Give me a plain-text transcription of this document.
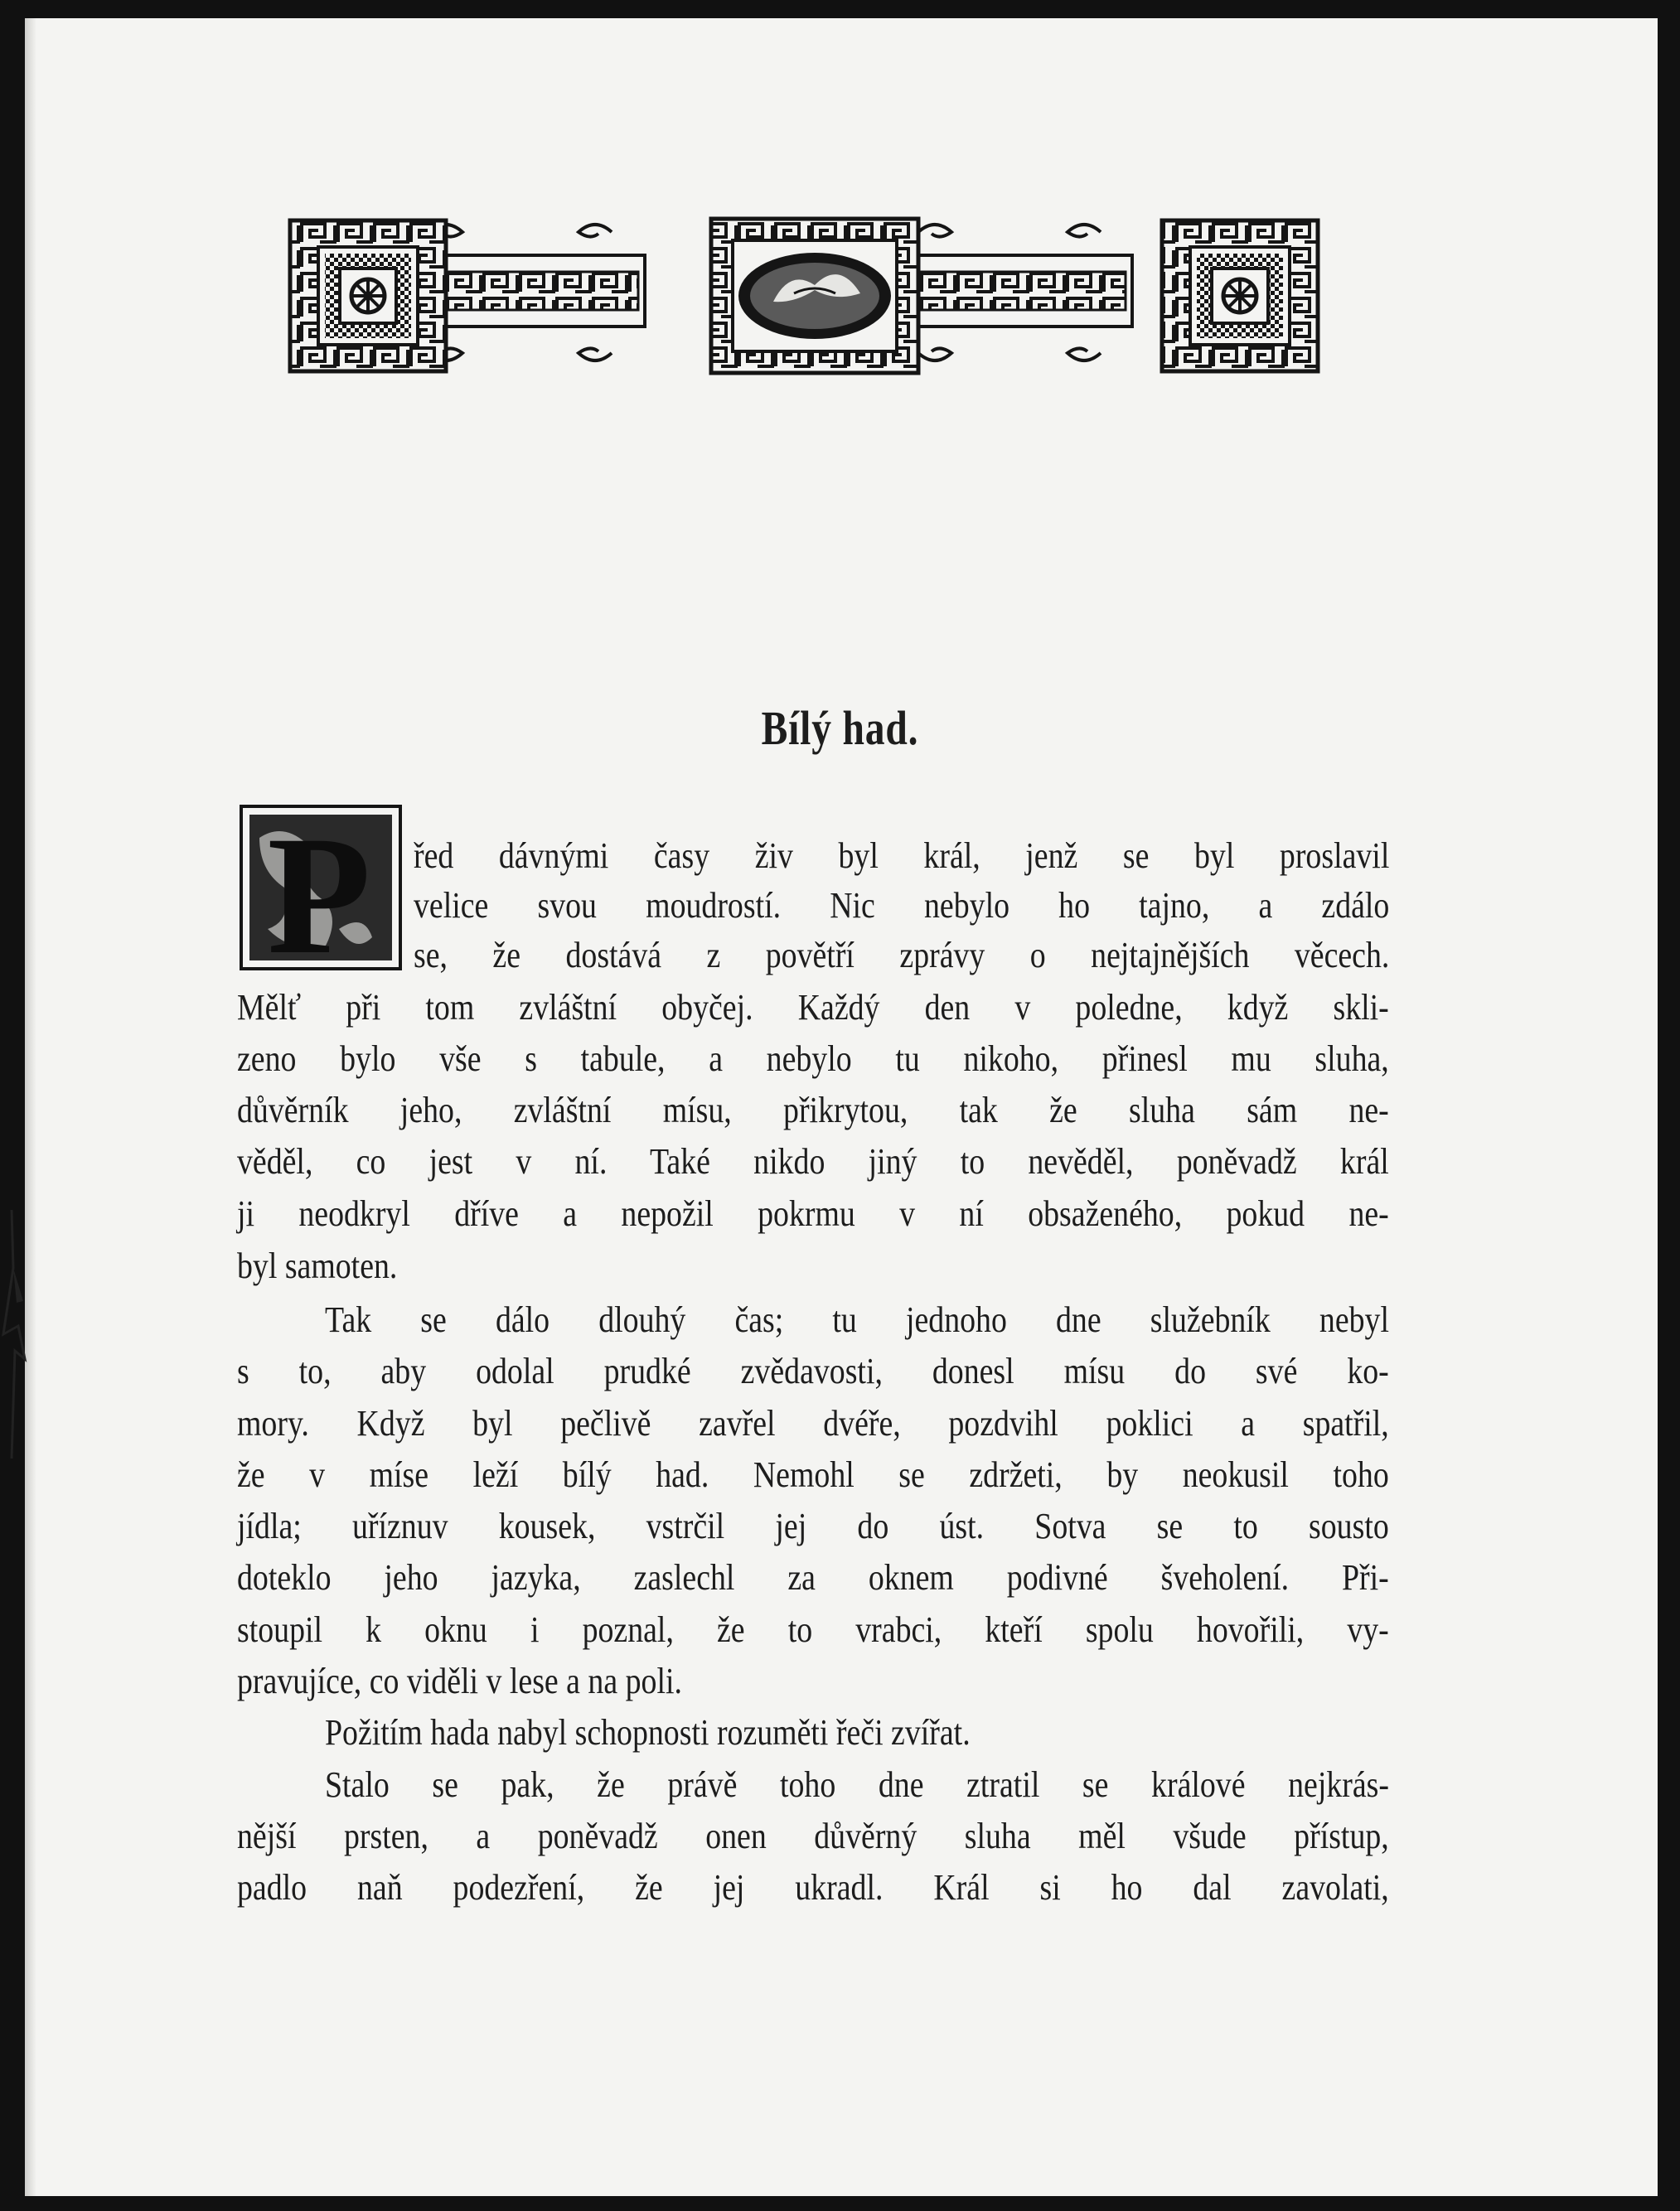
Bílý had.
P řed dávnými časy živ byl král, jenž se byl proslavil
velice svou moudrostí. Nic nebylo ho tajno, a zdálo
se, že dostává z povětří zprávy o nejtajnějších věcech.
Mělť při tom zvláštní obyčej. Každý den v poledne, když skli-
zeno bylo vše s tabule, a nebylo tu nikoho, přinesl mu sluha,
důvěrník jeho, zvláštní mísu, přikrytou, tak že sluha sám ne-
věděl, co jest v ní. Také nikdo jiný to nevěděl, poněvadž král
ji neodkryl dříve a nepožil pokrmu v ní obsaženého, pokud ne-
byl samoten.
Tak se dálo dlouhý čas; tu jednoho dne služebník nebyl
s to, aby odolal prudké zvědavosti, donesl mísu do své ko-
mory. Když byl pečlivě zavřel dvéře, pozdvihl poklici a spatřil,
že v míse leží bílý had. Nemohl se zdržeti, by neokusil toho
jídla; uříznuv kousek, vstrčil jej do úst. Sotva se to sousto
doteklo jeho jazyka, zaslechl za oknem podivné šveholení. Při-
stoupil k oknu i poznal, že to vrabci, kteří spolu hovořili, vy-
pravujíce, co viděli v lese a na poli.
Požitím hada nabyl schopnosti rozuměti řeči zvířat.
Stalo se pak, že právě toho dne ztratil se králové nejkrás-
nější prsten, a poněvadž onen důvěrný sluha měl všude přístup,
padlo naň podezření, že jej ukradl. Král si ho dal zavolati,
